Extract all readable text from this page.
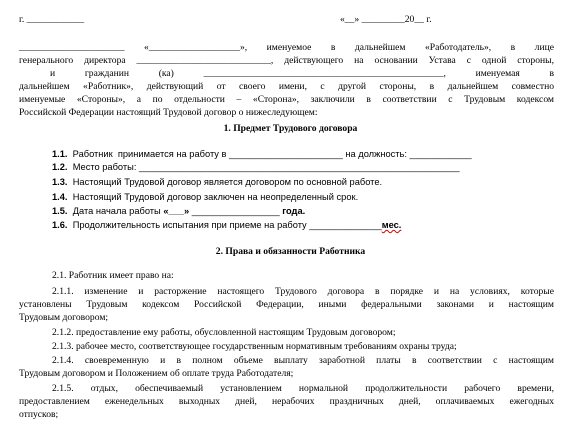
г. ____________	«__» _________20__ г.
______________________ «___________________», именуемое в дальнейшем «Работодатель», в лице
генерального директора ____________________________, действующего на основании Устава с одной стороны,
и гражданин (ка)	__________________________________________________,	именуемая в
дальнейшем «Работник», действующий от своего имени, с другой стороны, в дальнейшем совместно
именуемые «Стороны», а по отдельности – «Сторона», заключили в соответствии с Трудовым кодексом
Российской Федерации настоящий Трудовой договор о нижеследующем:
1. Предмет Трудового договора
1.1.  Работник  принимается на работу в ______________________ на должность: ____________
1.2. Место работы: ______________________________________________________________
1.3. Настоящий Трудовой договор является договором по основной работе.
1.4. Настоящий Трудовой договор заключен на неопределенный срок.
1.5. Дата начала работы «___» _________________ года.
1.6. Продолжительность испытания при приеме на работу ______________мес.
2. Права и обязанности Работника
2.1. Работник имеет право на:
2.1.1. изменение и расторжение настоящего Трудового договора в порядке и на условиях, которые
установлены Трудовым кодексом Российской Федерации, иными федеральными законами и настоящим
Трудовым договором;
2.1.2. предоставление ему работы, обусловленной настоящим Трудовым договором;
2.1.3. рабочее место, соответствующее государственным нормативным требованиям охраны труда;
2.1.4. своевременную и в полном объеме выплату заработной платы в соответствии с настоящим
Трудовым договором и Положением об оплате труда Работодателя;
2.1.5. отдых, обеспечиваемый установлением нормальной продолжительности рабочего времени,
предоставлением еженедельных выходных дней, нерабочих праздничных дней, оплачиваемых ежегодных
отпусков;
